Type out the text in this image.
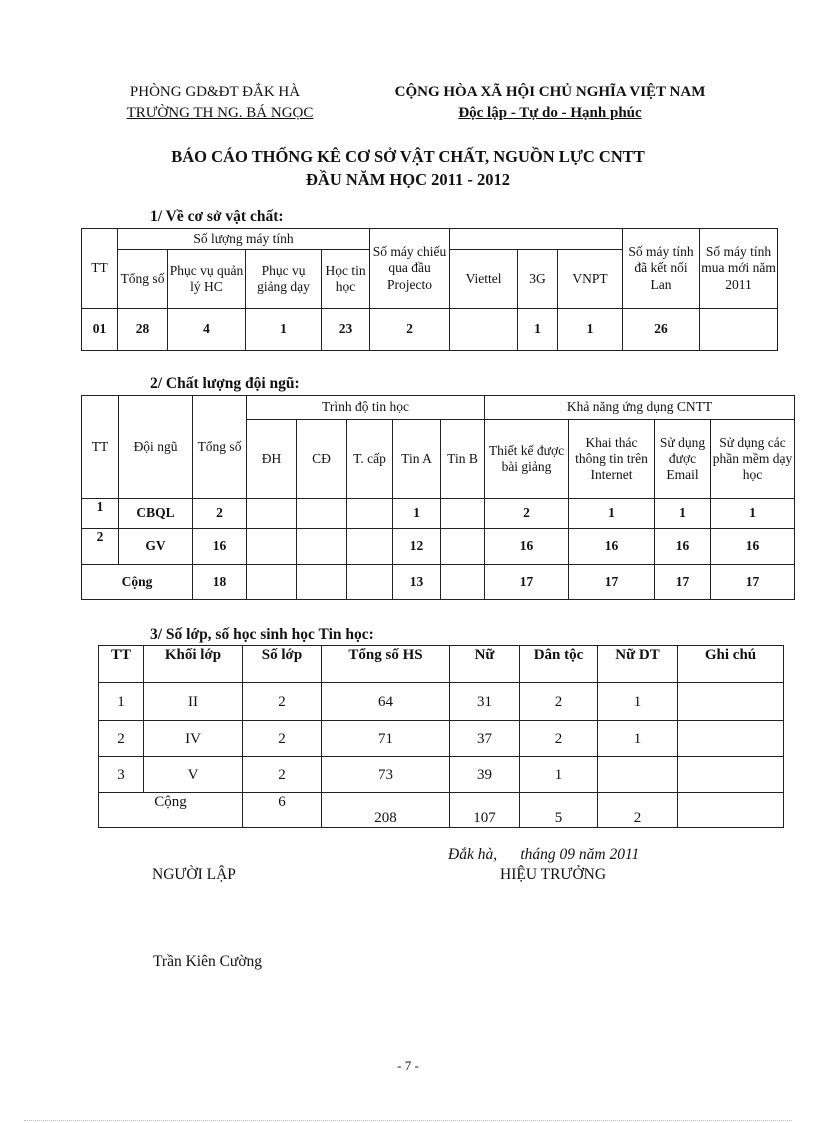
PHÒNG GD&ĐT ĐẮK HÀ
TRƯỜNG TH NG. BÁ NGỌC
CỘNG HÒA XÃ HỘI CHỦ NGHĨA VIỆT NAM
Độc lập - Tự do - Hạnh phúc
BÁO CÁO THỐNG KÊ CƠ SỞ VẬT CHẤT, NGUỒN LỰC CNTT
ĐẦU NĂM HỌC 2011 - 2012
1/ Về cơ sở vật chất:
TT	Số lượng máy tính				Số máy chiếu qua đầu Projecto				Số máy tính đã kết nối Lan	Số máy tính mua mới năm 2011
	Tổng số	Phục vụ quản lý HC	Phục vụ giảng dạy	Học tin học		Viettel	3G	VNPT		
01	28	4	1	23	2		1	1	26	
2/ Chất lượng đội ngũ:
TT	Đội ngũ	Tổng số	Trình độ tin học					Khả năng ứng dụng CNTT			
			ĐH	CĐ	T. cấp	Tin A	Tin B	Thiết kế được bài giảng	Khai thác thông tin trên Internet	Sử dụng được Email	Sử dụng các phần mềm dạy học
1	CBQL	2				1		2	1	1	1
2	GV	16				12		16	16	16	16
Cộng		18				13		17	17	17	17
3/ Số lớp, số học sinh học Tin học:
TT	Khối lớp	Số lớp	Tổng số HS	Nữ	Dân tộc	Nữ DT	Ghi chú
1	II	2	64	31	2	1	
2	IV	2	71	37	2	1	
3	V	2	73	39	1		
Cộng		6	208	107	5	2	
Đắk hà,      tháng 09 năm 2011
NGƯỜI LẬP	HIỆU TRƯỞNG
Trần Kiên Cường
- 7 -
